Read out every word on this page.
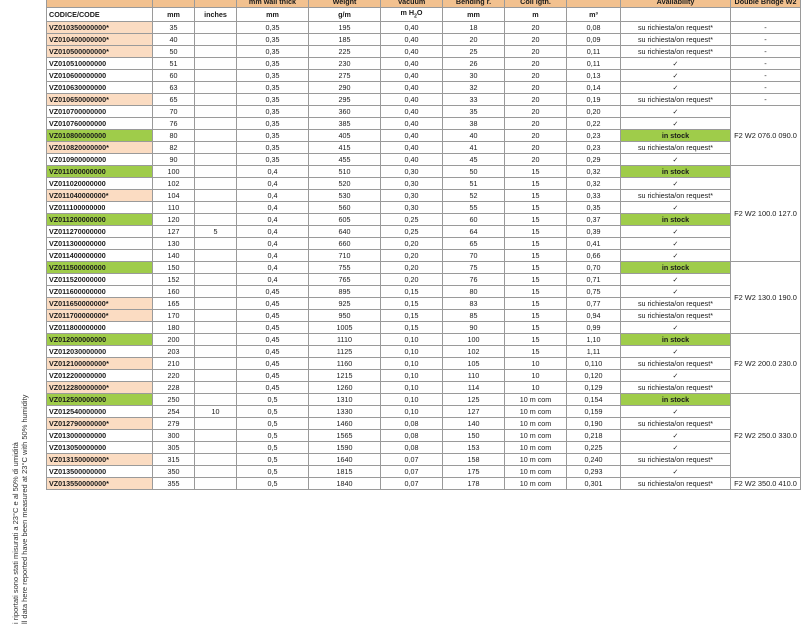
i riportati sono stati misurati a 23°C e al 50% di umidità ll data here reported have been measured at 23°C with 50% humidity
			mm wall thick	Weight	Vacuum	Bending r.	Coil lgth.		Availability	Double Bridge W2
CODICE/CODE	mm	inches	mm	g/m	m $H_2O$	mm	m	m³		
VZ010350000000*	35		0,35	195	0,40	18	20	0,08	su richiesta/on request*	-
VZ010400000000*	40		0,35	185	0,40	20	20	0,09	su richiesta/on request*	-
VZ010500000000*	50		0,35	225	0,40	25	20	0,11	su richiesta/on request*	-
VZ010510000000	51		0,35	230	0,40	26	20	0,11	✓	-
VZ010600000000	60		0,35	275	0,40	30	20	0,13	✓	-
VZ010630000000	63		0,35	290	0,40	32	20	0,14	✓	-
VZ010650000000*	65		0,35	295	0,40	33	20	0,19	su richiesta/on request*	-
VZ010700000000	70		0,35	360	0,40	35	20	0,20	✓	F2 W2 076.0 090.0
VZ010760000000	76		0,35	385	0,40	38	20	0,22	✓	
VZ010800000000	80		0,35	405	0,40	40	20	0,23	in stock	
VZ010820000000*	82		0,35	415	0,40	41	20	0,23	su richiesta/on request*	
VZ010900000000	90		0,35	455	0,40	45	20	0,29	✓	
VZ011000000000	100		0,4	510	0,30	50	15	0,32	in stock	F2 W2 100.0 127.0
VZ011020000000	102		0,4	520	0,30	51	15	0,32	✓	
VZ011040000000*	104		0,4	530	0,30	52	15	0,33	su richiesta/on request*	
VZ011100000000	110		0,4	560	0,30	55	15	0,35	✓	
VZ011200000000	120		0,4	605	0,25	60	15	0,37	in stock	
VZ011270000000	127	5	0,4	640	0,25	64	15	0,39	✓	
VZ011300000000	130		0,4	660	0,20	65	15	0,41	✓	
VZ011400000000	140		0,4	710	0,20	70	15	0,66	✓	
VZ011500000000	150		0,4	755	0,20	75	15	0,70	in stock	F2 W2 130.0 190.0
VZ011520000000	152		0,4	765	0,20	76	15	0,71	✓	
VZ011600000000	160		0,45	895	0,15	80	15	0,75	✓	
VZ011650000000*	165		0,45	925	0,15	83	15	0,77	su richiesta/on request*	
VZ011700000000*	170		0,45	950	0,15	85	15	0,94	su richiesta/on request*	
VZ011800000000	180		0,45	1005	0,15	90	15	0,99	✓	
VZ012000000000	200		0,45	1110	0,10	100	15	1,10	in stock	F2 W2 200.0 230.0
VZ012030000000	203		0,45	1125	0,10	102	15	1,11	✓	
VZ012100000000*	210		0,45	1160	0,10	105	10	0,110	su richiesta/on request*	
VZ012200000000	220		0,45	1215	0,10	110	10	0,120	✓	
VZ012280000000*	228		0,45	1260	0,10	114	10	0,129	su richiesta/on request*	
VZ012500000000	250		0,5	1310	0,10	125	10 m com	0,154	in stock	F2 W2 250.0 330.0
VZ012540000000	254	10	0,5	1330	0,10	127	10 m com	0,159	✓	
VZ012790000000*	279		0,5	1460	0,08	140	10 m com	0,190	su richiesta/on request*	
VZ013000000000	300		0,5	1565	0,08	150	10 m com	0,218	✓	
VZ013050000000	305		0,5	1590	0,08	153	10 m com	0,225	✓	
VZ013150000000*	315		0,5	1640	0,07	158	10 m com	0,240	su richiesta/on request*	
VZ013500000000	350		0,5	1815	0,07	175	10 m com	0,293	✓	
VZ013550000000*	355		0,5	1840	0,07	178	10 m com	0,301	su richiesta/on request*	F2 W2 350.0 410.0
